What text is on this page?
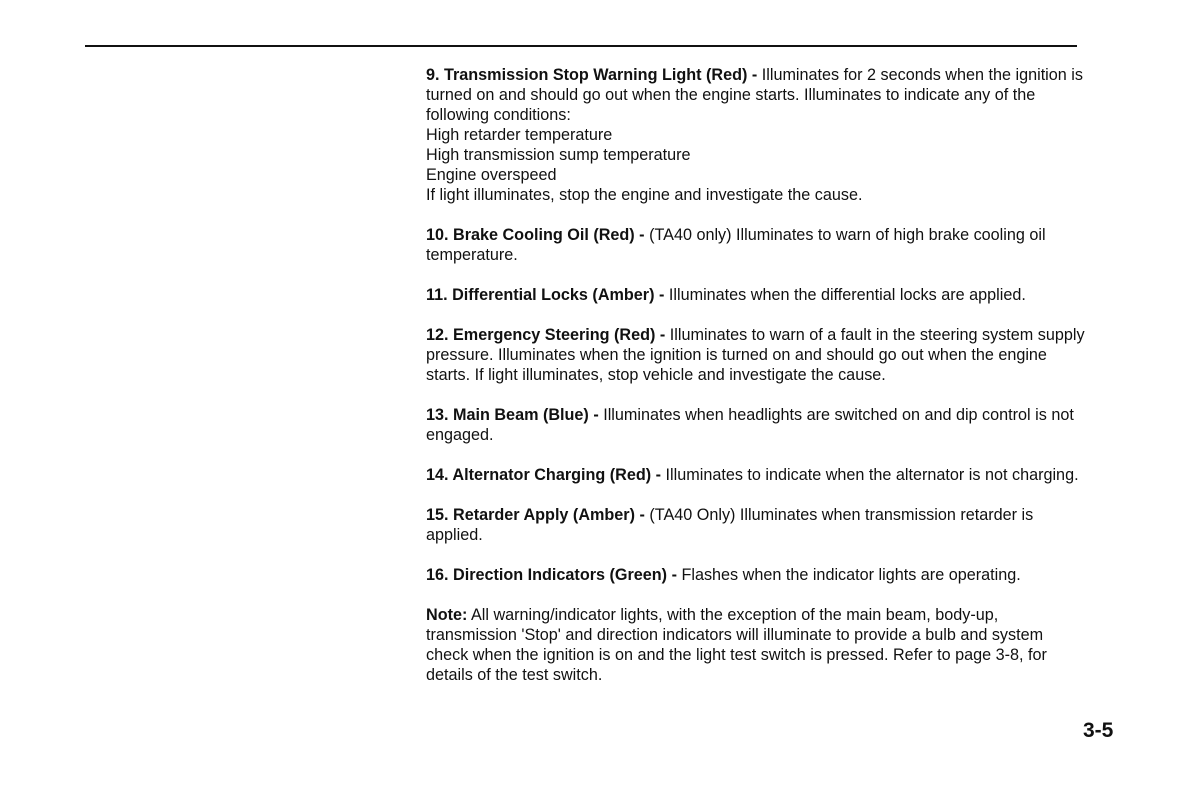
9. Transmission Stop Warning Light (Red) - Illuminates for 2 seconds when the ignition is turned on and should go out when the engine starts. Illuminates to indicate any of the following conditions:

High retarder temperature

High transmission sump temperature

Engine overspeed

If light illuminates, stop the engine and investigate the cause.

10. Brake Cooling Oil (Red) - (TA40 only) Illuminates to warn of high brake cooling oil temperature.

11. Differential Locks (Amber) - Illuminates when the differential locks are applied.

12. Emergency Steering (Red) - Illuminates to warn of a fault in the steering system supply pressure. Illuminates when the ignition is turned on and should go out when the engine starts. If light illuminates, stop vehicle and investigate the cause.

13. Main Beam (Blue) - Illuminates when headlights are switched on and dip control is not engaged.

14. Alternator Charging (Red) - Illuminates to indicate when the alternator is not charging.

15. Retarder Apply (Amber) - (TA40 Only) Illuminates when transmission retarder is applied.

16. Direction Indicators (Green) - Flashes when the indicator lights are operating.

Note: All warning/indicator lights, with the exception of the main beam, body-up, transmission 'Stop' and direction indicators will illuminate to provide a bulb and system check when the ignition is on and the light test switch is pressed. Refer to page 3-8, for details of the test switch.

3-5
